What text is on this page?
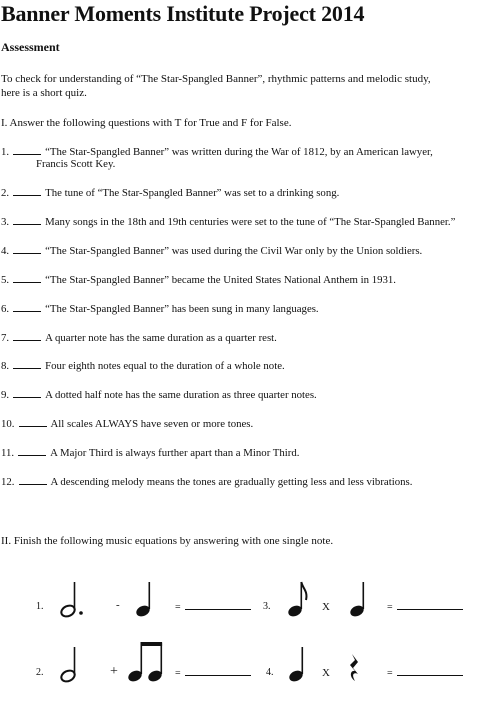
Banner Moments Institute Project 2014
Assessment
To check for understanding of “The Star-Spangled Banner”, rhythmic patterns and melodic study,
here is a short quiz.
I. Answer the following questions with T for True and F for False.
1.	“The Star-Spangled Banner” was written during the War of 1812, by an American lawyer,
Francis Scott Key.
2.	The tune of “The Star-Spangled Banner” was set to a drinking song.
3.	Many songs in the 18th and 19th centuries were set to the tune of “The Star-Spangled Banner.”
4.	“The Star-Spangled Banner” was used during the Civil War only by the Union soldiers.
5.	“The Star-Spangled Banner” became the United States National Anthem in 1931.
6.	“The Star-Spangled Banner” has been sung in many languages.
7.	A quarter note has the same duration as a quarter rest.
8.	Four eighth notes equal to the duration of a whole note.
9.	A dotted half note has the same duration as three quarter notes.
10.	All scales ALWAYS have seven or more tones.
11.	A Major Third is always further apart than a Minor Third.
12.	A descending melody means the tones are gradually getting less and less vibrations.
II. Finish the following music equations by answering with one single note.
1.	-	=	3.	X	=
2.	+	=	4.	X	=
